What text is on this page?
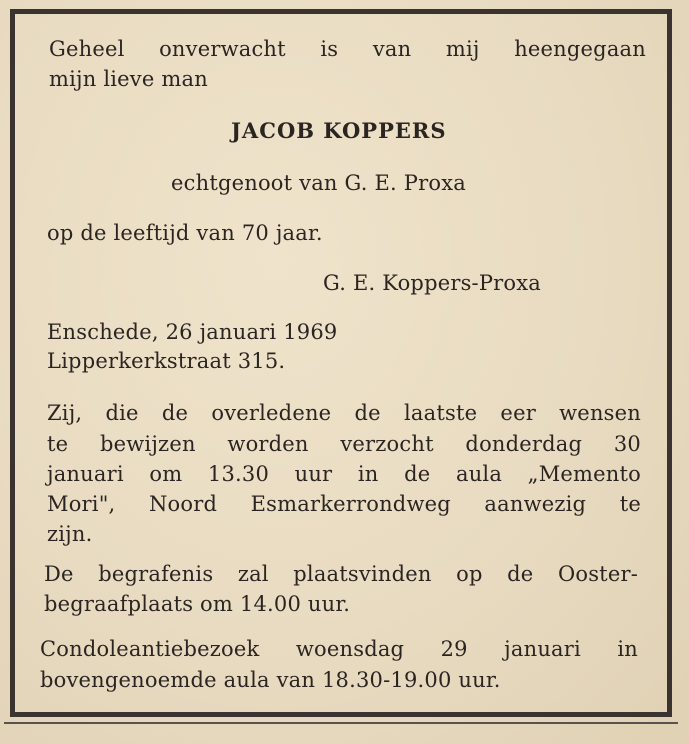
Geheel onverwacht is van mij heengegaan
mijn lieve man
JACOB KOPPERS
echtgenoot van G. E. Proxa
op de leeftijd van 70 jaar.
G. E. Koppers-Proxa
Enschede, 26 januari 1969
Lipperkerkstraat 315.
Zij, die de overledene de laatste eer wensen
te bewijzen worden verzocht donderdag 30
januari om 13.30 uur in de aula „Memento
Mori", Noord Esmarkerrondweg aanwezig te
zijn.
De begrafenis zal plaatsvinden op de Ooster-
begraafplaats om 14.00 uur.
Condoleantiebezoek woensdag 29 januari in
bovengenoemde aula van 18.30-19.00 uur.
